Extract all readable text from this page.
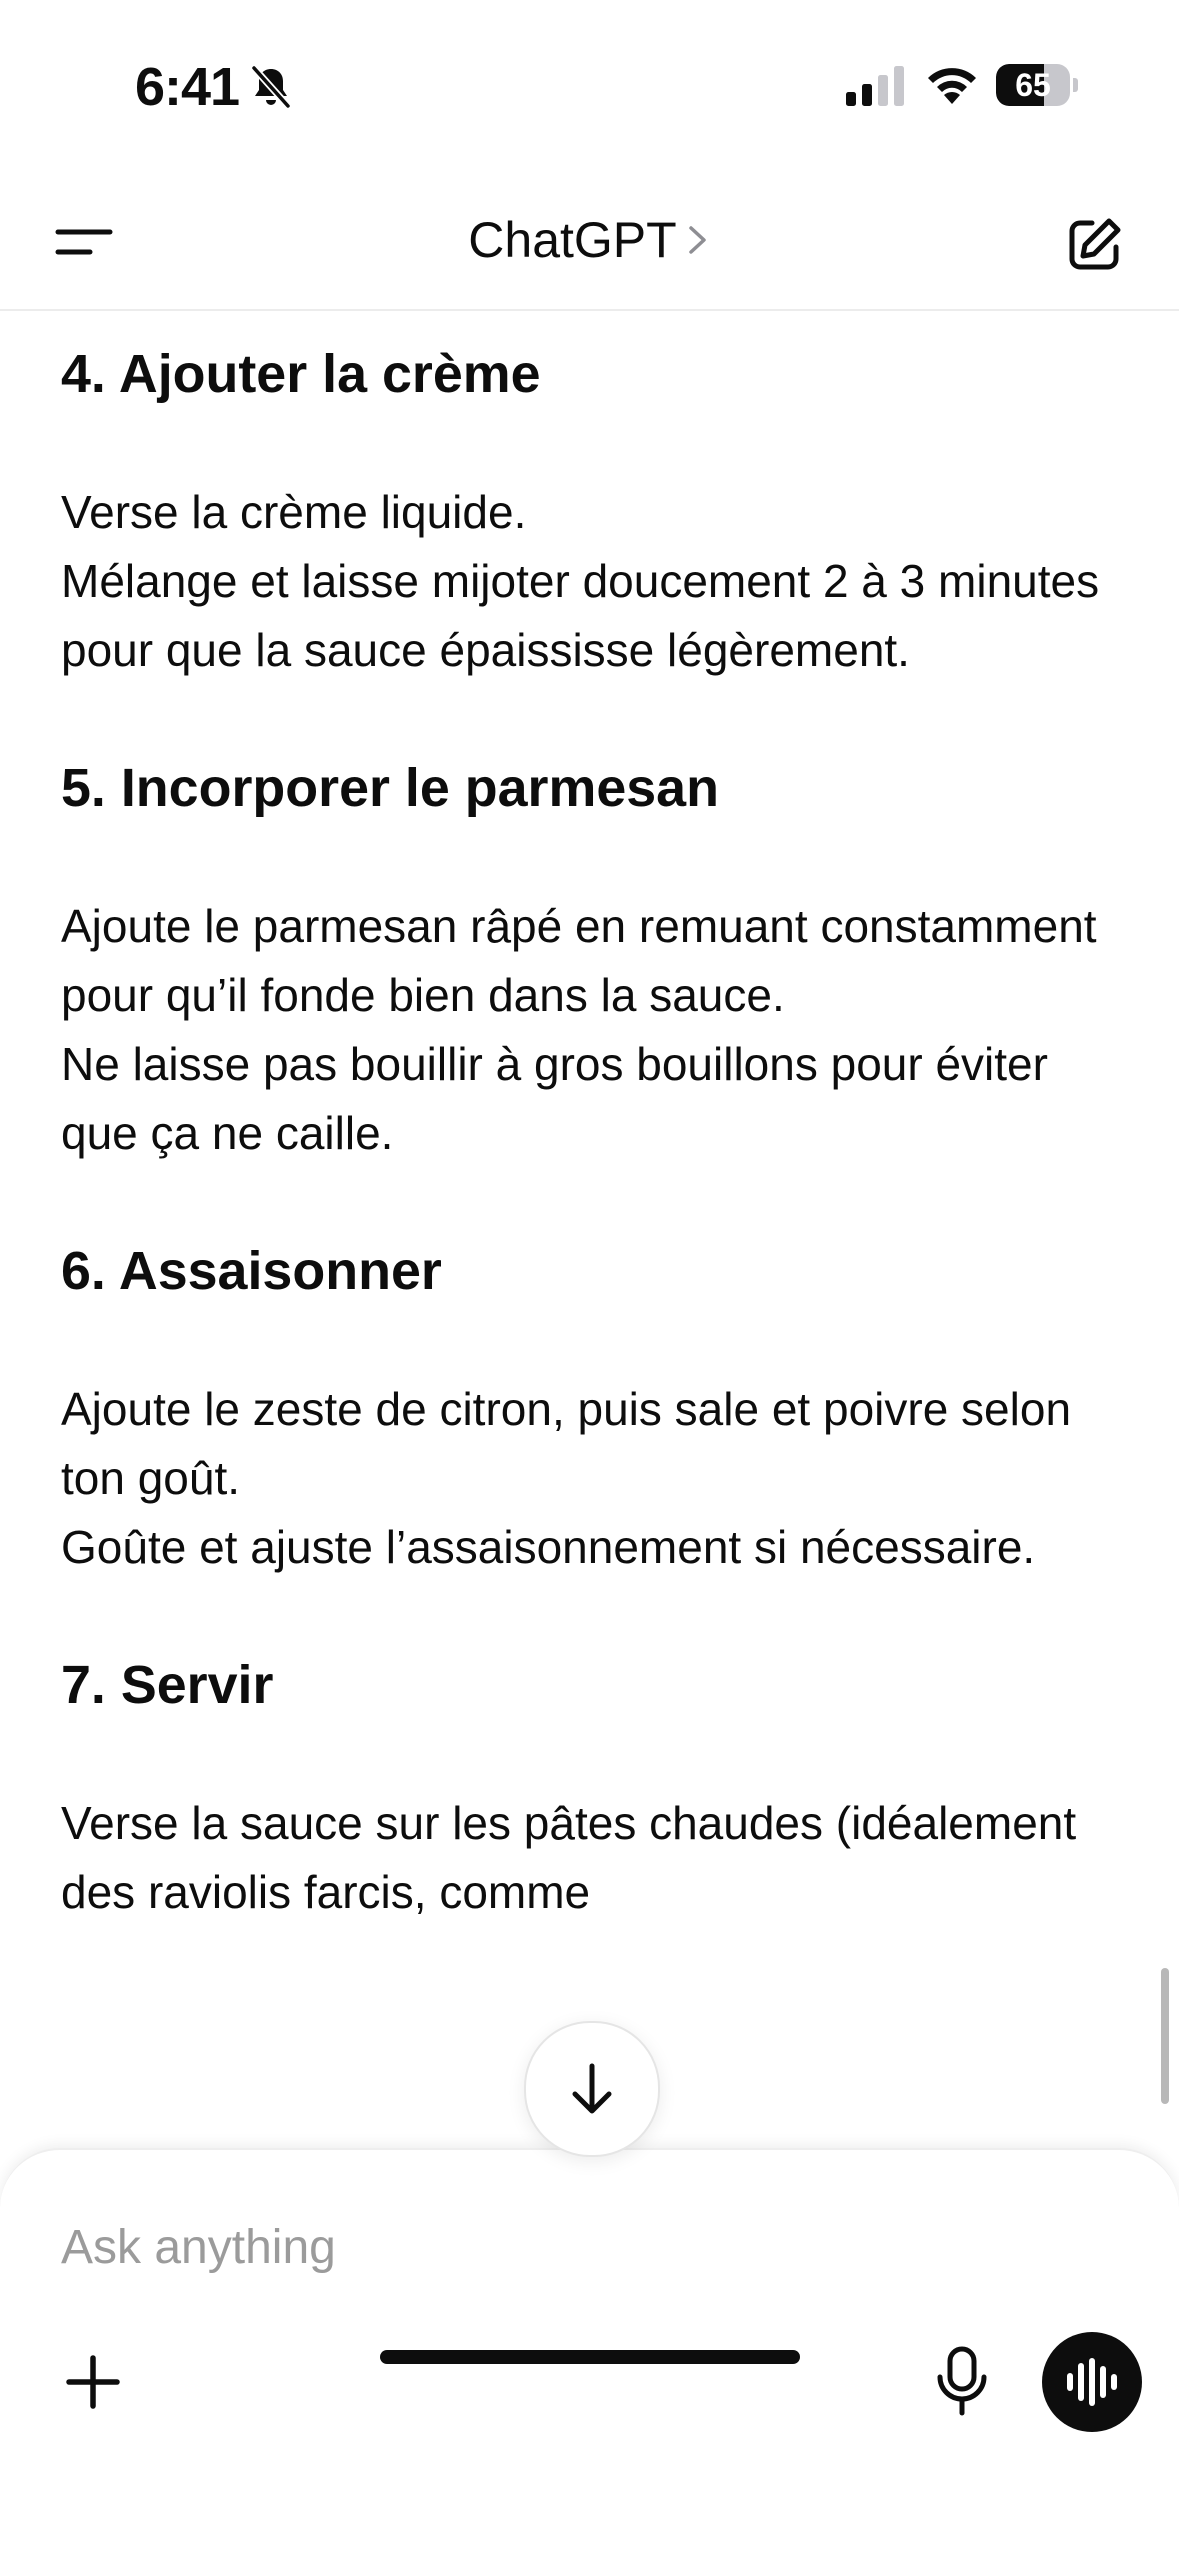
6:41	65
ChatGPT
4. Ajouter la crème

Verse la crème liquide.
Mélange et laisse mijoter doucement 2 à 3 minutes pour que la sauce épaississe légèrement.

5. Incorporer le parmesan

Ajoute le parmesan râpé en remuant constamment pour qu’il fonde bien dans la sauce.
Ne laisse pas bouillir à gros bouillons pour éviter que ça ne caille.

6. Assaisonner

Ajoute le zeste de citron, puis sale et poivre selon ton goût.
Goûte et ajuste l’assaisonnement si nécessaire.

7. Servir

Verse la sauce sur les pâtes chaudes (idéalement des raviolis farcis, comme

Ask anything
